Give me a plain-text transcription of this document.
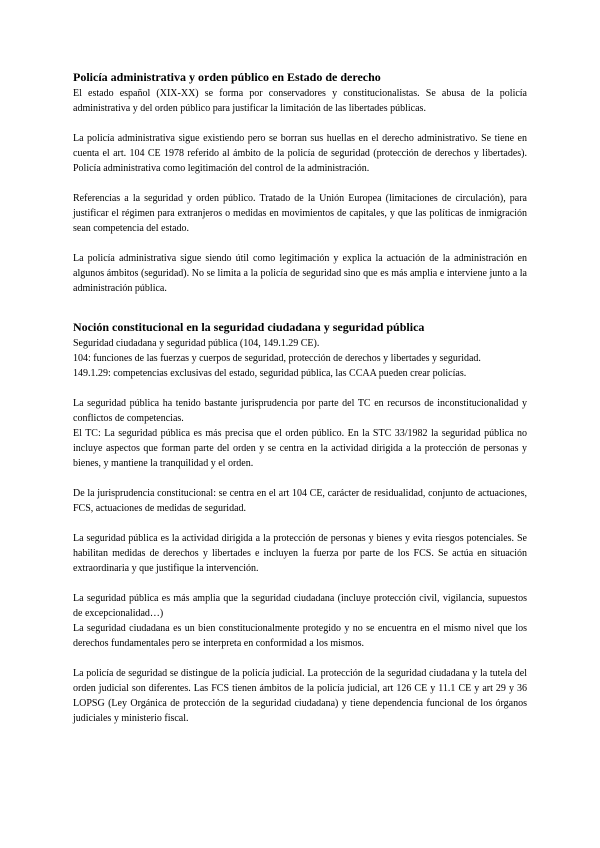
Policía administrativa y orden público en Estado de derecho

El estado español (XIX-XX) se forma por conservadores y constitucionalistas. Se abusa de la policía administrativa y del orden público para justificar la limitación de las libertades públicas.

La policía administrativa sigue existiendo pero se borran sus huellas en el derecho administrativo. Se tiene en cuenta el art. 104 CE 1978 referido al ámbito de la policía de seguridad (protección de derechos y libertades). Policía administrativa como legitimación del control de la administración.

Referencias a la seguridad y orden público. Tratado de la Unión Europea (limitaciones de circulación), para justificar el régimen para extranjeros o medidas en movimientos de capitales, y que las políticas de inmigración sean competencia del estado.

La policía administrativa sigue siendo útil como legitimación y explica la actuación de la administración en algunos ámbitos (seguridad). No se limita a la policía de seguridad sino que es más amplia e interviene junto a la administración pública.

Noción constitucional en la seguridad ciudadana y seguridad pública

Seguridad ciudadana y seguridad pública (104, 149.1.29 CE).

104: funciones de las fuerzas y cuerpos de seguridad, protección de derechos y libertades y seguridad.

149.1.29: competencias exclusivas del estado, seguridad pública, las CCAA pueden crear policías.

La seguridad pública ha tenido bastante jurisprudencia por parte del TC en recursos de inconstitucionalidad y conflictos de competencias.

El TC: La seguridad pública es más precisa que el orden público. En la STC 33/1982 la seguridad pública no incluye aspectos que forman parte del orden y se centra en la actividad dirigida a la protección de personas y bienes, y mantiene la tranquilidad y el orden.

De la jurisprudencia constitucional: se centra en el art 104 CE, carácter de residualidad, conjunto de actuaciones, FCS, actuaciones de medidas de seguridad.

La seguridad pública es la actividad dirigida a la protección de personas y bienes y evita riesgos potenciales. Se habilitan medidas de derechos y libertades e incluyen la fuerza por parte de los FCS. Se actúa en situación extraordinaria y que justifique la intervención.

La seguridad pública es más amplia que la seguridad ciudadana (incluye protección civil, vigilancia, supuestos de excepcionalidad…)

La seguridad ciudadana es un bien constitucionalmente protegido y no se encuentra en el mismo nivel que los derechos fundamentales pero se interpreta en conformidad a los mismos.

La policía de seguridad se distingue de la policía judicial. La protección de la seguridad ciudadana y la tutela del orden judicial son diferentes. Las FCS tienen ámbitos de la policía judicial, art 126 CE y 11.1 CE y art 29 y 36 LOPSG (Ley Orgánica de protección de la seguridad ciudadana) y tiene dependencia funcional de los órganos judiciales y ministerio fiscal.
